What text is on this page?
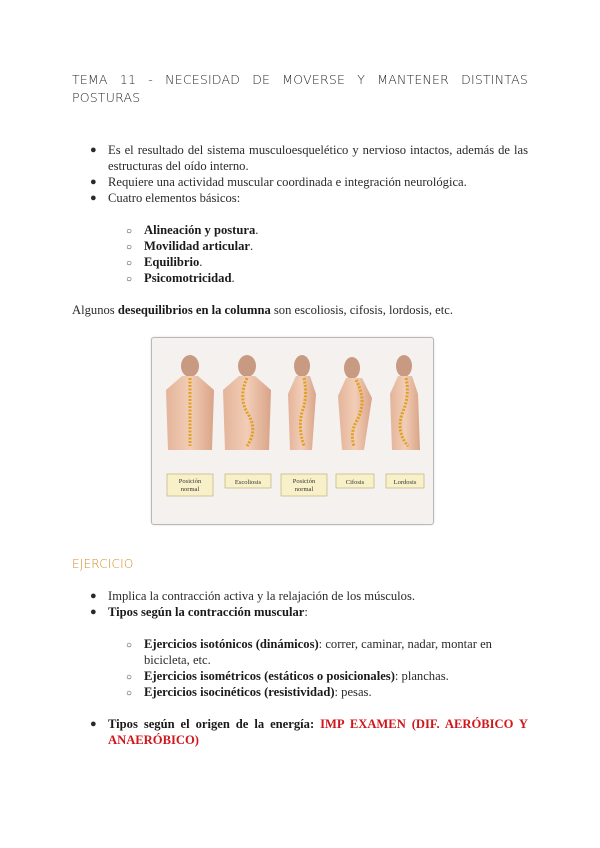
TEMA 11 - NECESIDAD DE MOVERSE Y MANTENER DISTINTAS POSTURAS
● Es el resultado del sistema musculoesquelético y nervioso intactos, además de las estructuras del oído interno.
● Requiere una actividad muscular coordinada e integración neurológica.
● Cuatro elementos básicos:
○ Alineación y postura.
○ Movilidad articular.
○ Equilibrio.
○ Psicomotricidad.
Algunos desequilibrios en la columna son escoliosis, cifosis, lordosis, etc.
Posición
normal
Escoliosis	Posición
normal
Cifosis	Lordosis
EJERCICIO
● Implica la contracción activa y la relajación de los músculos.
● Tipos según la contracción muscular:
○ Ejercicios isotónicos (dinámicos): correr, caminar, nadar, montar en bicicleta, etc.
○ Ejercicios isométricos (estáticos o posicionales): planchas.
○ Ejercicios isocinéticos (resistividad): pesas.
● Tipos según el origen de la energía: IMP EXAMEN (DIF. AERÓBICO Y ANAERÓBICO)
